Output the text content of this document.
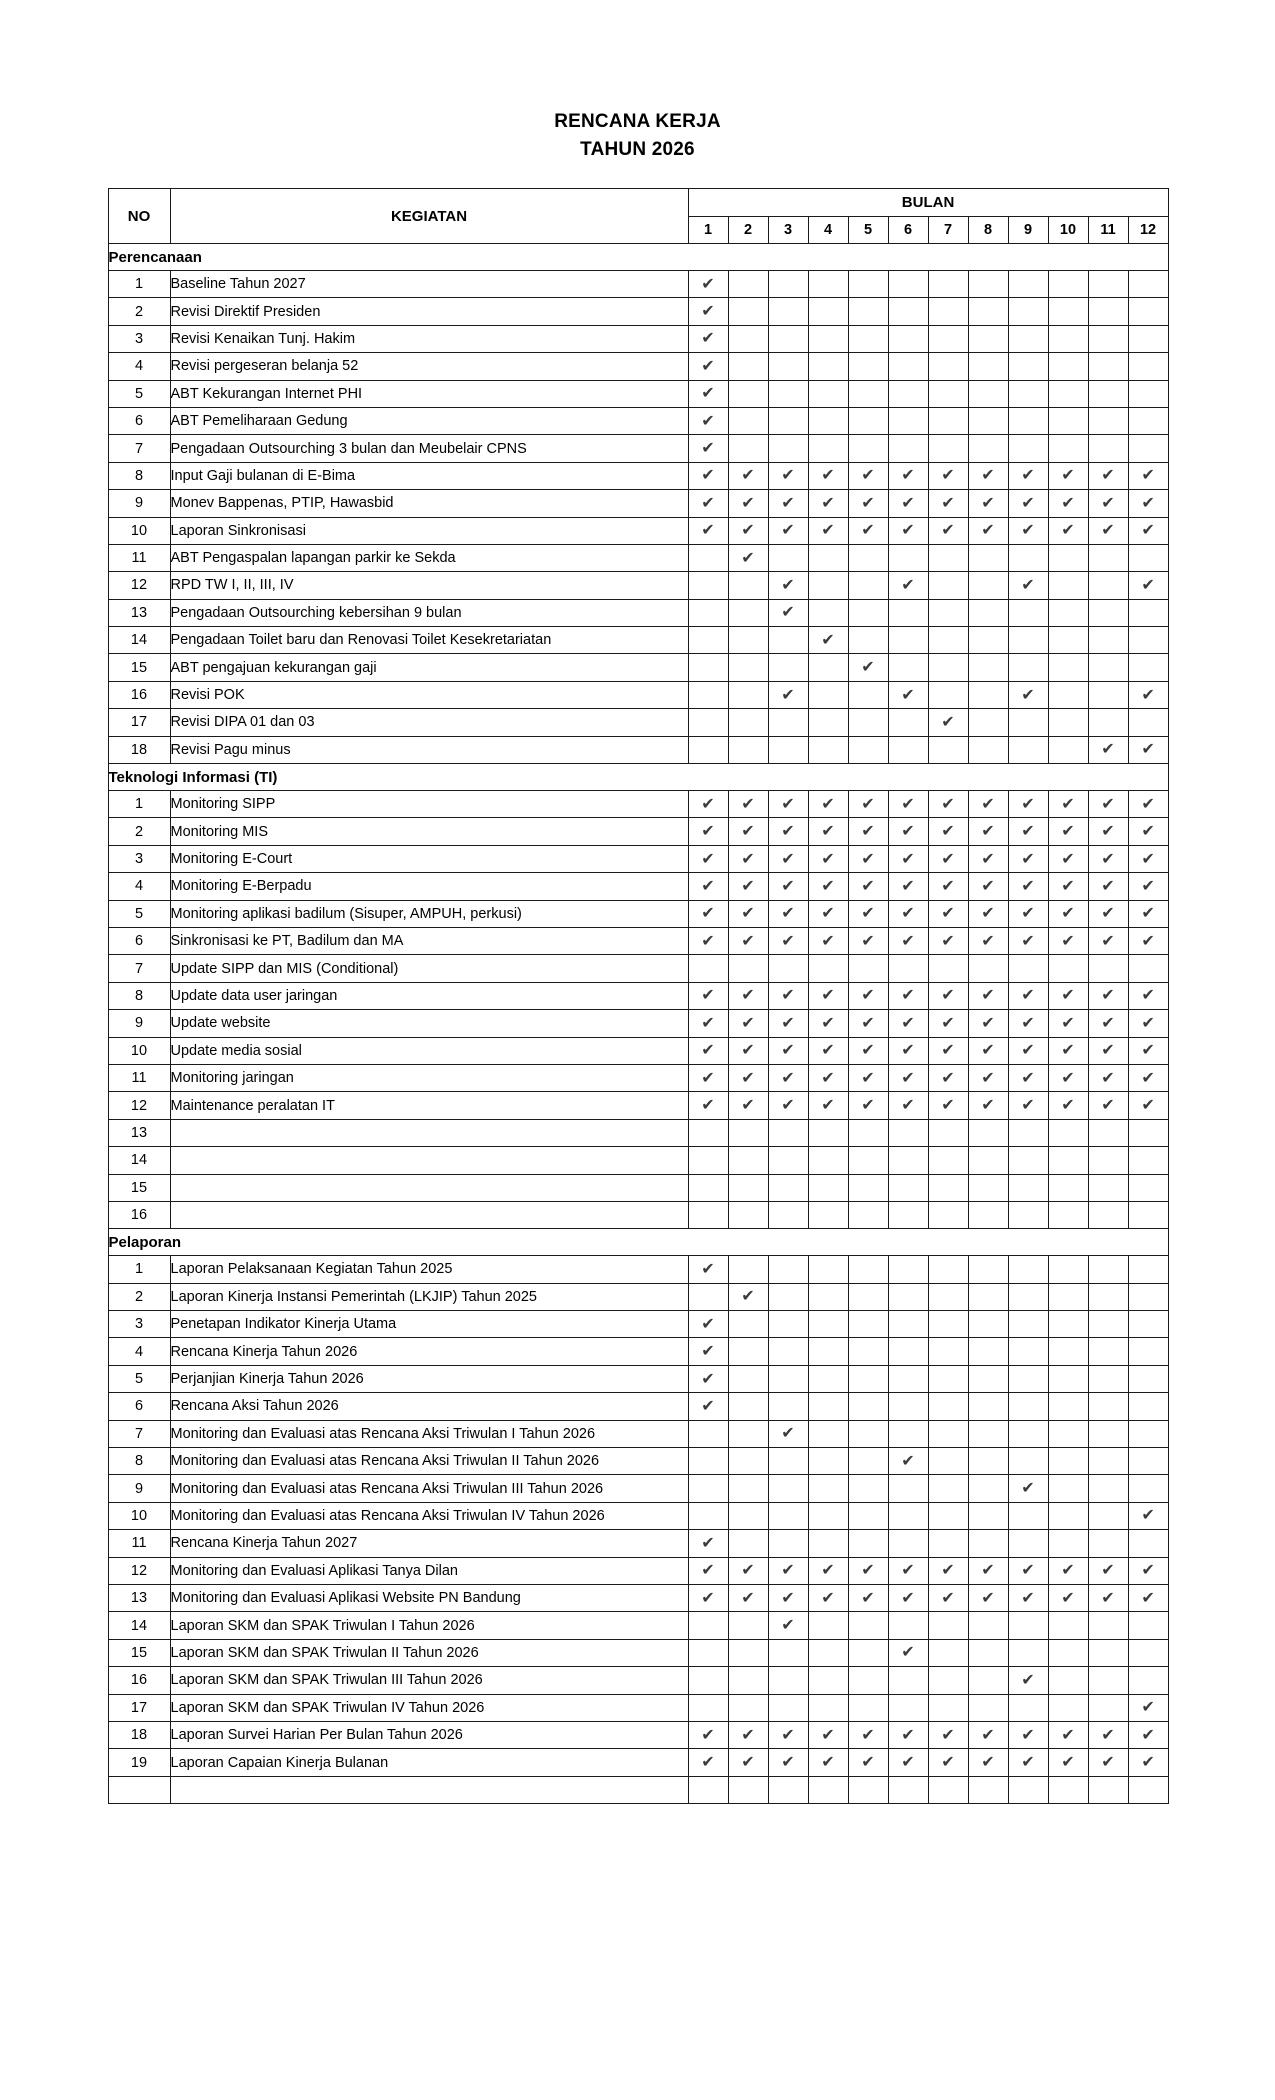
RENCANA KERJA
TAHUN 2026
NO	KEGIATAN	BULAN											
		1	2	3	4	5	6	7	8	9	10	11	12
Perencanaan													
1	Baseline Tahun 2027	✔											
2	Revisi Direktif Presiden	✔											
3	Revisi Kenaikan Tunj. Hakim	✔											
4	Revisi pergeseran belanja 52	✔											
5	ABT Kekurangan Internet PHI	✔											
6	ABT Pemeliharaan Gedung	✔											
7	Pengadaan Outsourching 3 bulan dan Meubelair CPNS	✔											
8	Input Gaji bulanan di E-Bima	✔	✔	✔	✔	✔	✔	✔	✔	✔	✔	✔	✔
9	Monev Bappenas, PTIP, Hawasbid	✔	✔	✔	✔	✔	✔	✔	✔	✔	✔	✔	✔
10	Laporan Sinkronisasi	✔	✔	✔	✔	✔	✔	✔	✔	✔	✔	✔	✔
11	ABT Pengaspalan lapangan parkir ke Sekda		✔										
12	RPD TW I, II, III, IV			✔			✔			✔			✔
13	Pengadaan Outsourching kebersihan 9 bulan			✔									
14	Pengadaan Toilet baru dan Renovasi Toilet Kesekretariatan				✔								
15	ABT pengajuan kekurangan gaji					✔							
16	Revisi POK			✔			✔			✔			✔
17	Revisi DIPA 01 dan 03							✔					
18	Revisi Pagu minus											✔	✔
Teknologi Informasi (TI)													
1	Monitoring SIPP	✔	✔	✔	✔	✔	✔	✔	✔	✔	✔	✔	✔
2	Monitoring MIS	✔	✔	✔	✔	✔	✔	✔	✔	✔	✔	✔	✔
3	Monitoring E-Court	✔	✔	✔	✔	✔	✔	✔	✔	✔	✔	✔	✔
4	Monitoring E-Berpadu	✔	✔	✔	✔	✔	✔	✔	✔	✔	✔	✔	✔
5	Monitoring aplikasi badilum (Sisuper, AMPUH, perkusi)	✔	✔	✔	✔	✔	✔	✔	✔	✔	✔	✔	✔
6	Sinkronisasi ke PT, Badilum dan MA	✔	✔	✔	✔	✔	✔	✔	✔	✔	✔	✔	✔
7	Update SIPP dan MIS (Conditional)												
8	Update data user jaringan	✔	✔	✔	✔	✔	✔	✔	✔	✔	✔	✔	✔
9	Update website	✔	✔	✔	✔	✔	✔	✔	✔	✔	✔	✔	✔
10	Update media sosial	✔	✔	✔	✔	✔	✔	✔	✔	✔	✔	✔	✔
11	Monitoring jaringan	✔	✔	✔	✔	✔	✔	✔	✔	✔	✔	✔	✔
12	Maintenance peralatan IT	✔	✔	✔	✔	✔	✔	✔	✔	✔	✔	✔	✔
13													
14													
15													
16													
Pelaporan													
1	Laporan Pelaksanaan Kegiatan Tahun 2025	✔											
2	Laporan Kinerja Instansi Pemerintah (LKJIP) Tahun 2025		✔										
3	Penetapan Indikator Kinerja Utama	✔											
4	Rencana Kinerja Tahun 2026	✔											
5	Perjanjian Kinerja Tahun 2026	✔											
6	Rencana Aksi Tahun 2026	✔											
7	Monitoring dan Evaluasi atas Rencana Aksi Triwulan I Tahun 2026			✔									
8	Monitoring dan Evaluasi atas Rencana Aksi Triwulan II Tahun 2026						✔						
9	Monitoring dan Evaluasi atas Rencana Aksi Triwulan III Tahun 2026									✔			
10	Monitoring dan Evaluasi atas Rencana Aksi Triwulan IV Tahun 2026												✔
11	Rencana Kinerja Tahun 2027	✔											
12	Monitoring dan Evaluasi Aplikasi Tanya Dilan	✔	✔	✔	✔	✔	✔	✔	✔	✔	✔	✔	✔
13	Monitoring dan Evaluasi Aplikasi Website PN Bandung	✔	✔	✔	✔	✔	✔	✔	✔	✔	✔	✔	✔
14	Laporan SKM dan SPAK Triwulan I Tahun 2026			✔									
15	Laporan SKM dan SPAK Triwulan II Tahun 2026						✔						
16	Laporan SKM dan SPAK Triwulan III Tahun 2026									✔			
17	Laporan SKM dan SPAK Triwulan IV Tahun 2026												✔
18	Laporan Survei Harian Per Bulan Tahun 2026	✔	✔	✔	✔	✔	✔	✔	✔	✔	✔	✔	✔
19	Laporan Capaian Kinerja Bulanan	✔	✔	✔	✔	✔	✔	✔	✔	✔	✔	✔	✔
